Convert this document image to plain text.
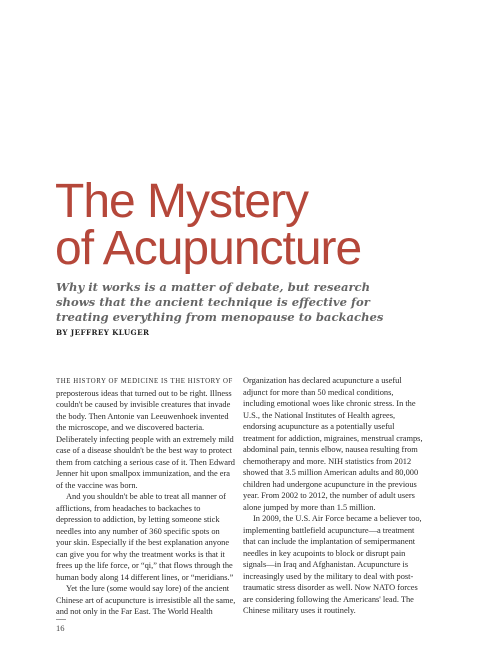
The Mystery
of Acupuncture

Why it works is a matter of debate, but research shows that the ancient technique is effective for treating everything from menopause to backaches

BY JEFFREY KLUGER

THE HISTORY OF MEDICINE IS THE HISTORY OF preposterous ideas that turned out to be right. Illness couldn't be caused by invisible creatures that invade the body. Then Antonie van Leeuwenhoek invented the microscope, and we discovered bacteria. Deliberately infecting people with an extremely mild case of a disease shouldn't be the best way to protect them from catching a serious case of it. Then Edward Jenner hit upon smallpox immunization, and the era of the vaccine was born.

And you shouldn't be able to treat all manner of afflictions, from headaches to backaches to depression to addiction, by letting someone stick needles into any number of 360 specific spots on your skin. Especially if the best explanation anyone can give you for why the treatment works is that it frees up the life force, or “qi,” that flows through the human body along 14 different lines, or “meridians.”

Yet the lure (some would say lore) of the ancient Chinese art of acupuncture is irresistible all the same, and not only in the Far East. The World Health

Organization has declared acupuncture a useful adjunct for more than 50 medical conditions, including emotional woes like chronic stress. In the U.S., the National Institutes of Health agrees, endorsing acupuncture as a potentially useful treatment for addiction, migraines, menstrual cramps, abdominal pain, tennis elbow, nausea resulting from chemotherapy and more. NIH statistics from 2012 showed that 3.5 million American adults and 80,000 children had undergone acupuncture in the previous year. From 2002 to 2012, the number of adult users alone jumped by more than 1.5 million.

In 2009, the U.S. Air Force became a believer too, implementing battlefield acupuncture—a treatment that can include the implantation of semipermanent needles in key acupoints to block or disrupt pain signals—in Iraq and Afghanistan. Acupuncture is increasingly used by the military to deal with post-traumatic stress disorder as well. Now NATO forces are considering following the Americans' lead. The Chinese military uses it routinely.

16
